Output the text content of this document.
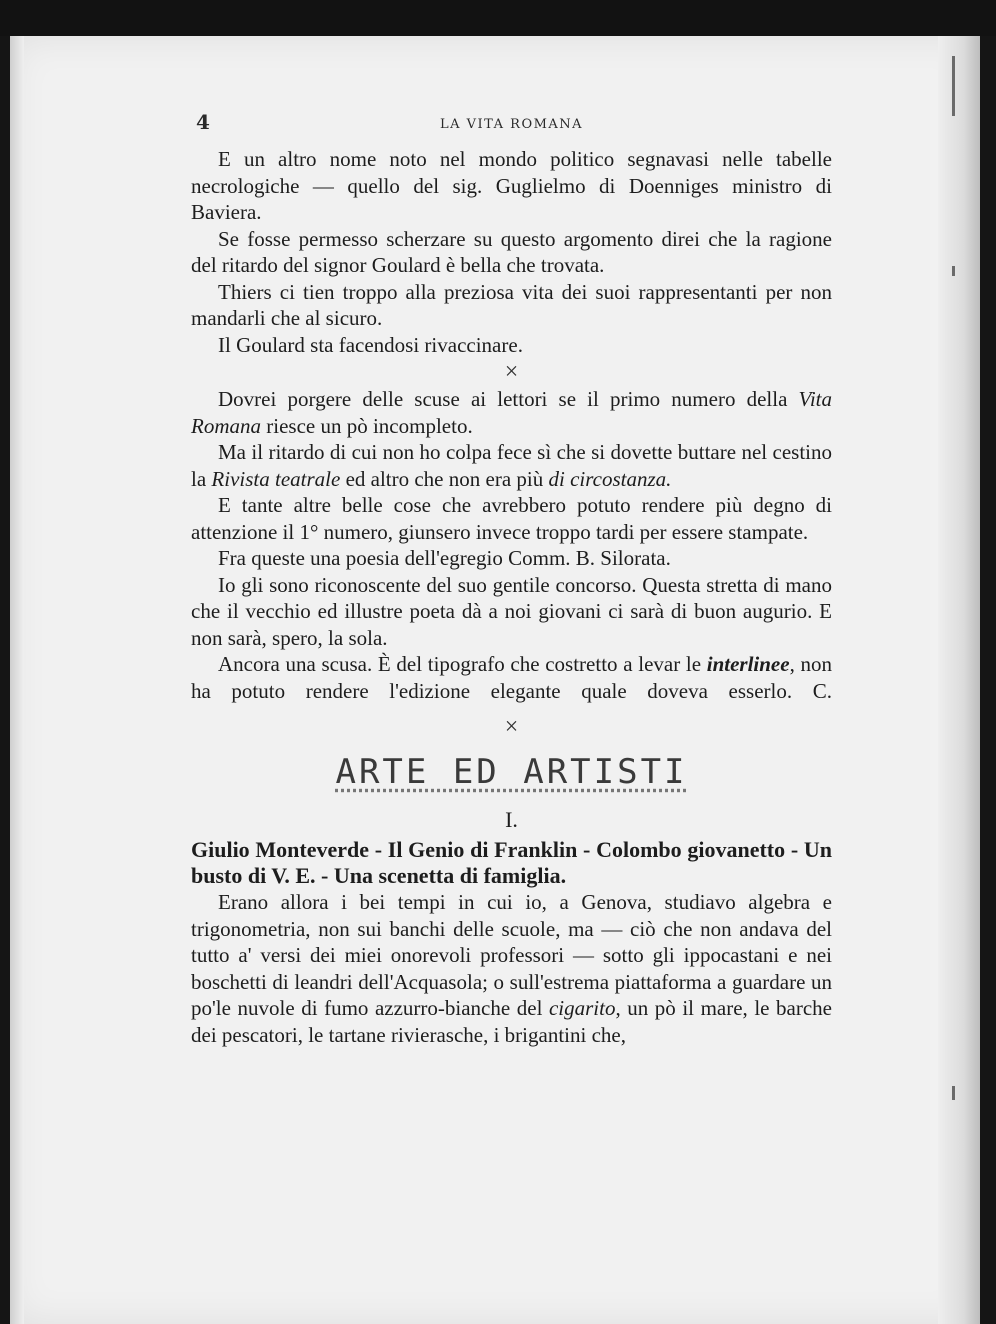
4	LA VITA ROMANA

E un altro nome noto nel mondo politico segnavasi nelle tabelle necrologiche — quello del sig. Guglielmo di Doenniges ministro di Baviera.

Se fosse permesso scherzare su questo argomento direi che la ragione del ritardo del signor Goulard è bella che trovata.

Thiers ci tien troppo alla preziosa vita dei suoi rappresentanti per non mandarli che al sicuro.

Il Goulard sta facendosi rivaccinare.

×

Dovrei porgere delle scuse ai lettori se il primo numero della Vita Romana riesce un pò incompleto.

Ma il ritardo di cui non ho colpa fece sì che si dovette buttare nel cestino la Rivista teatrale ed altro che non era più di circostanza.

E tante altre belle cose che avrebbero potuto rendere più degno di attenzione il 1° numero, giunsero invece troppo tardi per essere stampate.

Fra queste una poesia dell'egregio Comm. B. Silorata.

Io gli sono riconoscente del suo gentile concorso. Questa stretta di mano che il vecchio ed illustre poeta dà a noi giovani ci sarà di buon augurio. E non sarà, spero, la sola.

Ancora una scusa. È del tipografo che costretto a levar le interlinee, non ha potuto rendere l'edizione elegante quale doveva esserlo. C.

×
ARTE ED ARTISTI
I.

Giulio Monteverde - Il Genio di Franklin - Colombo giovanetto - Un busto di V. E. - Una scenetta di famiglia.

Erano allora i bei tempi in cui io, a Genova, studiavo algebra e trigonometria, non sui banchi delle scuole, ma — ciò che non andava del tutto a' versi dei miei onorevoli professori — sotto gli ippocastani e nei boschetti di leandri dell'Acquasola; o sull'estrema piattaforma a guardare un po'le nuvole di fumo azzurro-bianche del cigarito, un pò il mare, le barche dei pescatori, le tartane rivierasche, i brigantini che,
